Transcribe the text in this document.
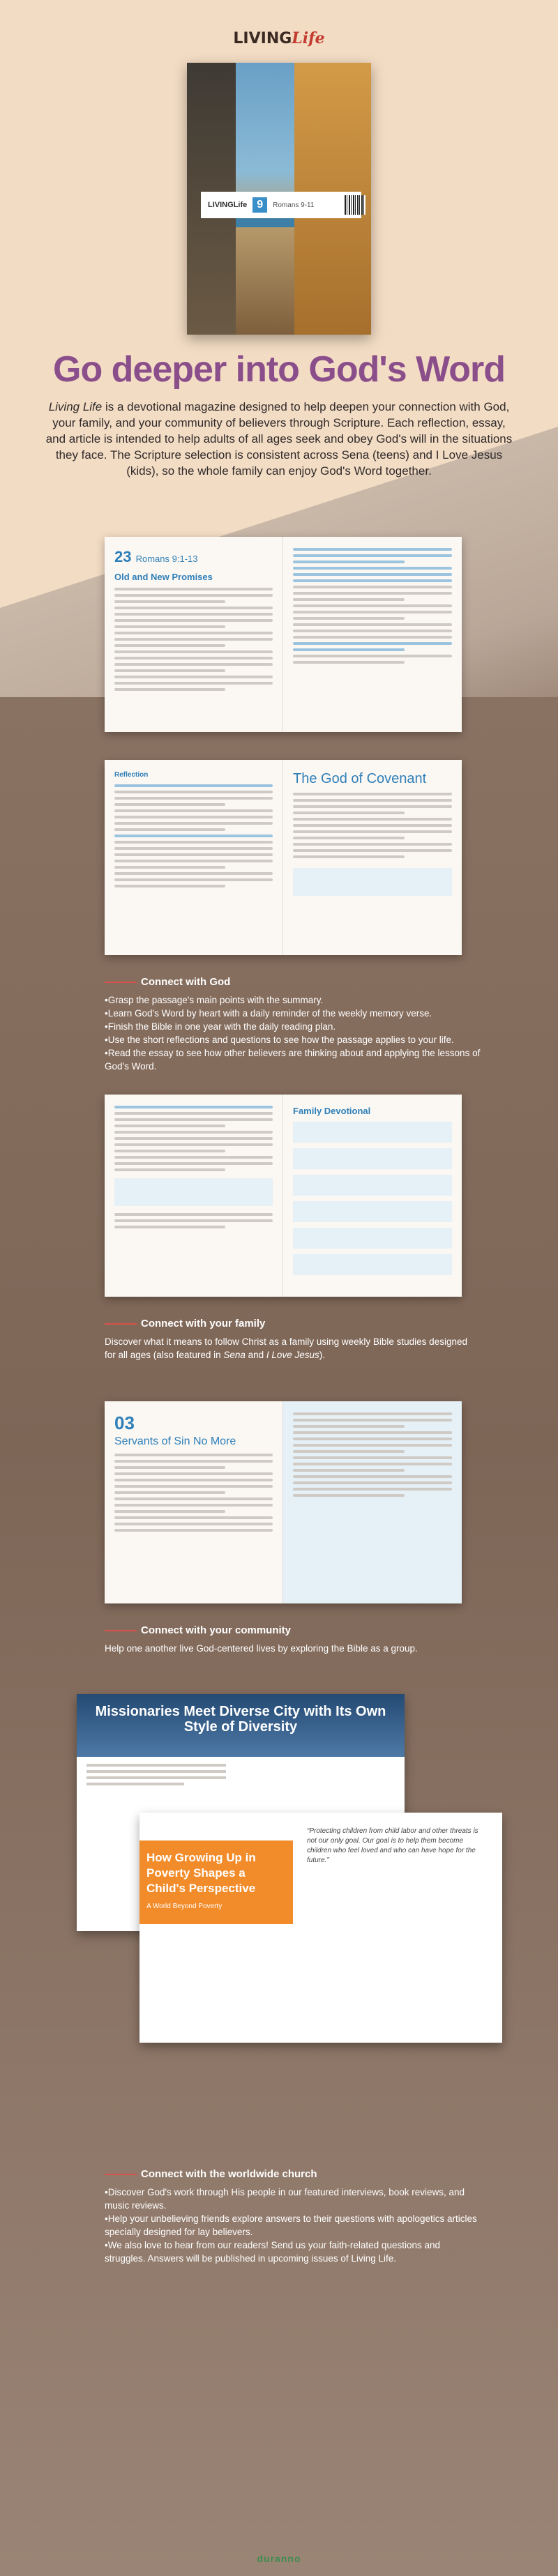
LIVINGLife
LIVINGLife 9	Romans 9-11
Go deeper into God's Word

Living Life is a devotional magazine designed to help deepen your connection with God, your family, and your community of believers through Scripture. Each reflection, essay, and article is intended to help adults of all ages seek and obey God's will in the situations they face. The Scripture selection is consistent across Sena (teens) and I Love Jesus (kids), so the whole family can enjoy God's Word together.

23 Romans 9:1-13
Old and New Promises
Reflection	The God of Covenant
Connect with God
• Grasp the passage's main points with the summary.
• Learn God's Word by heart with a daily reminder of the weekly memory verse.
• Finish the Bible in one year with the daily reading plan.
• Use the short reflections and questions to see how the passage applies to your life.
• Read the essay to see how other believers are thinking about and applying the lessons of God's Word.
Family Devotional
Connect with your family

Discover what it means to follow Christ as a family using weekly Bible studies designed for all ages (also featured in Sena and I Love Jesus).

03
Servants of Sin No More
Connect with your community

Help one another live God-centered lives by exploring the Bible as a group.

Missionaries Meet Diverse City with Its Own Style of Diversity
How Growing Up in Poverty Shapes a Child's Perspective
A World Beyond Poverty
“Protecting children from child labor and other threats is not our only goal. Our goal is to help them become children who feel loved and who can have hope for the future.”
Connect with the worldwide church
• Discover God's work through His people in our featured interviews, book reviews, and music reviews.
• Help your unbelieving friends explore answers to their questions with apologetics articles specially designed for lay believers.
• We also love to hear from our readers! Send us your faith-related questions and struggles. Answers will be published in upcoming issues of Living Life.
duranno
